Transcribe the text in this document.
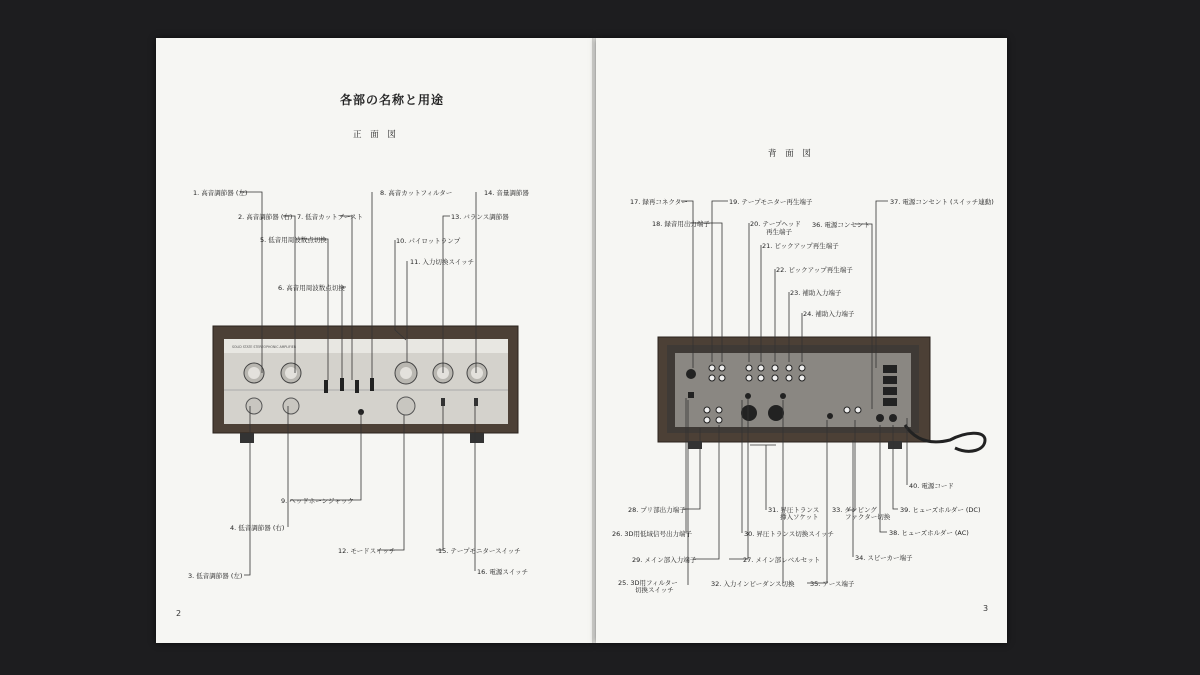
各部の名称と用途
正 面 図
2
背 面 図
3
SOLID STATE STEREOPHONIC AMPLIFIER
1. 高音調節器 (左)
2. 高音調節器 (右) 7. 低音カットブースト
5. 低音用周波数点切換
6. 高音用周波数点切換
8. 高音カットフィルター	14. 音量調節器
13. バランス調節器
10. パイロットランプ
11. 入力切換スイッチ
9. ヘッドホーンジャック
4. 低音調節器 (右)
12. モードスイッチ	15. テープモニタースイッチ
16. 電源スイッチ
3. 低音調節器 (左)
17. 録再コネクター	19. テープモニター再生端子
18. 録音用出力端子	20. テープヘッド
再生端子
21. ピックアップ再生端子
22. ピックアップ再生端子
23. 補助入力端子
24. 補助入力端子
36. 電源コンセント
37. 電源コンセント (スイッチ連動)
40. 電源コード
39. ヒューズホルダー (DC)
38. ヒューズホルダー (AC)
28. プリ部出力端子	31. 昇圧トランス
挿入ソケット
33. ダンピング
ファクター切換
26. 3D用低域信号出力端子	30. 昇圧トランス切換スイッチ
29. メイン部入力端子	27. メイン部レベルセット	34. スピーカー端子
25. 3D用フィルター
切換スイッチ
32. 入力インピーダンス切換 35. アース端子
